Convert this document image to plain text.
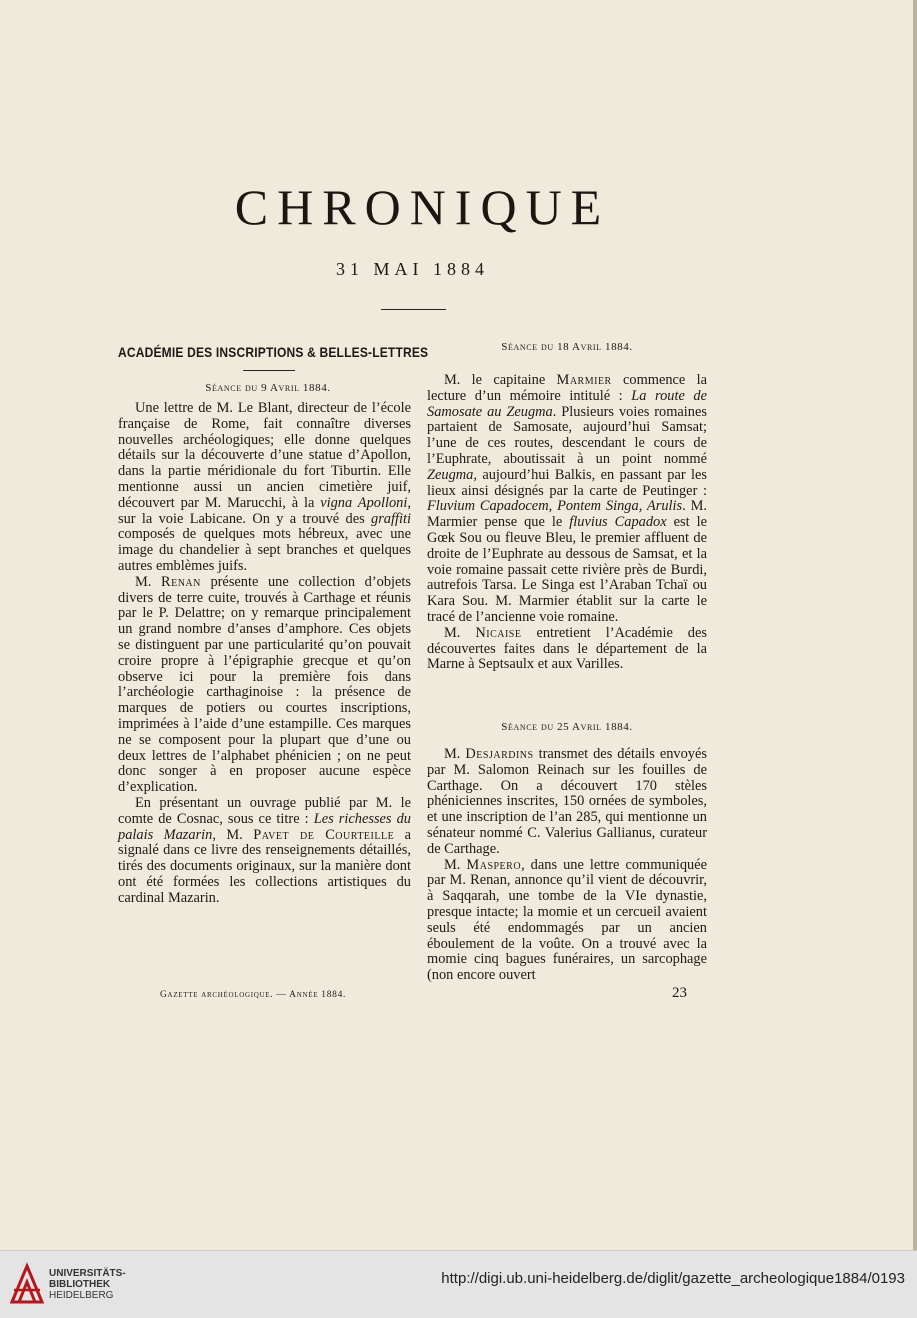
CHRONIQUE
31 MAI 1884
ACADÉMIE DES INSCRIPTIONS & BELLES-LETTRES
Séance du 9 Avril 1884.

Une lettre de M. Le Blant, directeur de l’école française de Rome, fait connaître diverses nouvelles archéologiques; elle donne quelques détails sur la découverte d’une statue d’Apollon, dans la partie méridionale du fort Tiburtin. Elle mentionne aussi un ancien cimetière juif, découvert par M. Marucchi, à la vigna Apolloni, sur la voie Labicane. On y a trouvé des graffiti composés de quelques mots hébreux, avec une image du chandelier à sept branches et quelques autres emblèmes juifs.

M. Renan présente une collection d’objets divers de terre cuite, trouvés à Carthage et réunis par le P. Delattre; on y remarque principalement un grand nombre d’anses d’amphore. Ces objets se distinguent par une particularité qu’on pouvait croire propre à l’épigraphie grecque et qu’on observe ici pour la première fois dans l’archéologie carthaginoise : la présence de marques de potiers ou courtes inscriptions, imprimées à l’aide d’une estampille. Ces marques ne se composent pour la plupart que d’une ou deux lettres de l’alphabet phénicien ; on ne peut donc songer à en proposer aucune espèce d’explication.

En présentant un ouvrage publié par M. le comte de Cosnac, sous ce titre : Les richesses du palais Mazarin, M. Pavet de Courteille a signalé dans ce livre des renseignements détaillés, tirés des documents originaux, sur la manière dont ont été formées les collections artistiques du cardinal Mazarin.

Séance du 18 Avril 1884.

M. le capitaine Marmier commence la lecture d’un mémoire intitulé : La route de Samosate au Zeugma. Plusieurs voies romaines partaient de Samosate, aujourd’hui Samsat; l’une de ces routes, descendant le cours de l’Euphrate, aboutissait à un point nommé Zeugma, aujourd’hui Balkis, en passant par les lieux ainsi désignés par la carte de Peutinger : Fluvium Capadocem, Pontem Singa, Arulis. M. Marmier pense que le fluvius Capadox est le Gœk Sou ou fleuve Bleu, le premier affluent de droite de l’Euphrate au dessous de Samsat, et la voie romaine passait cette rivière près de Burdi, autrefois Tarsa. Le Singa est l’Araban Tchaï ou Kara Sou. M. Marmier établit sur la carte le tracé de l’ancienne voie romaine.

M. Nicaise entretient l’Académie des découvertes faites dans le département de la Marne à Septsaulx et aux Varilles.

Séance du 25 Avril 1884.

M. Desjardins transmet des détails envoyés par M. Salomon Reinach sur les fouilles de Carthage. On a découvert 170 stèles phéniciennes inscrites, 150 ornées de symboles, et une inscription de l’an 285, qui mentionne un sénateur nommé C. Valerius Gallianus, curateur de Carthage.

M. Maspero, dans une lettre communiquée par M. Renan, annonce qu’il vient de découvrir, à Saqqarah, une tombe de la VIe dynastie, presque intacte; la momie et un cercueil avaient seuls été endommagés par un ancien éboulement de la voûte. On a trouvé avec la momie cinq bagues funéraires, un sarcophage (non encore ouvert

Gazette archéologique. — Année 1884.	23
UNIVERSITÄTS-
BIBLIOTHEK
HEIDELBERG
http://digi.ub.uni-heidelberg.de/diglit/gazette_archeologique1884/0193
